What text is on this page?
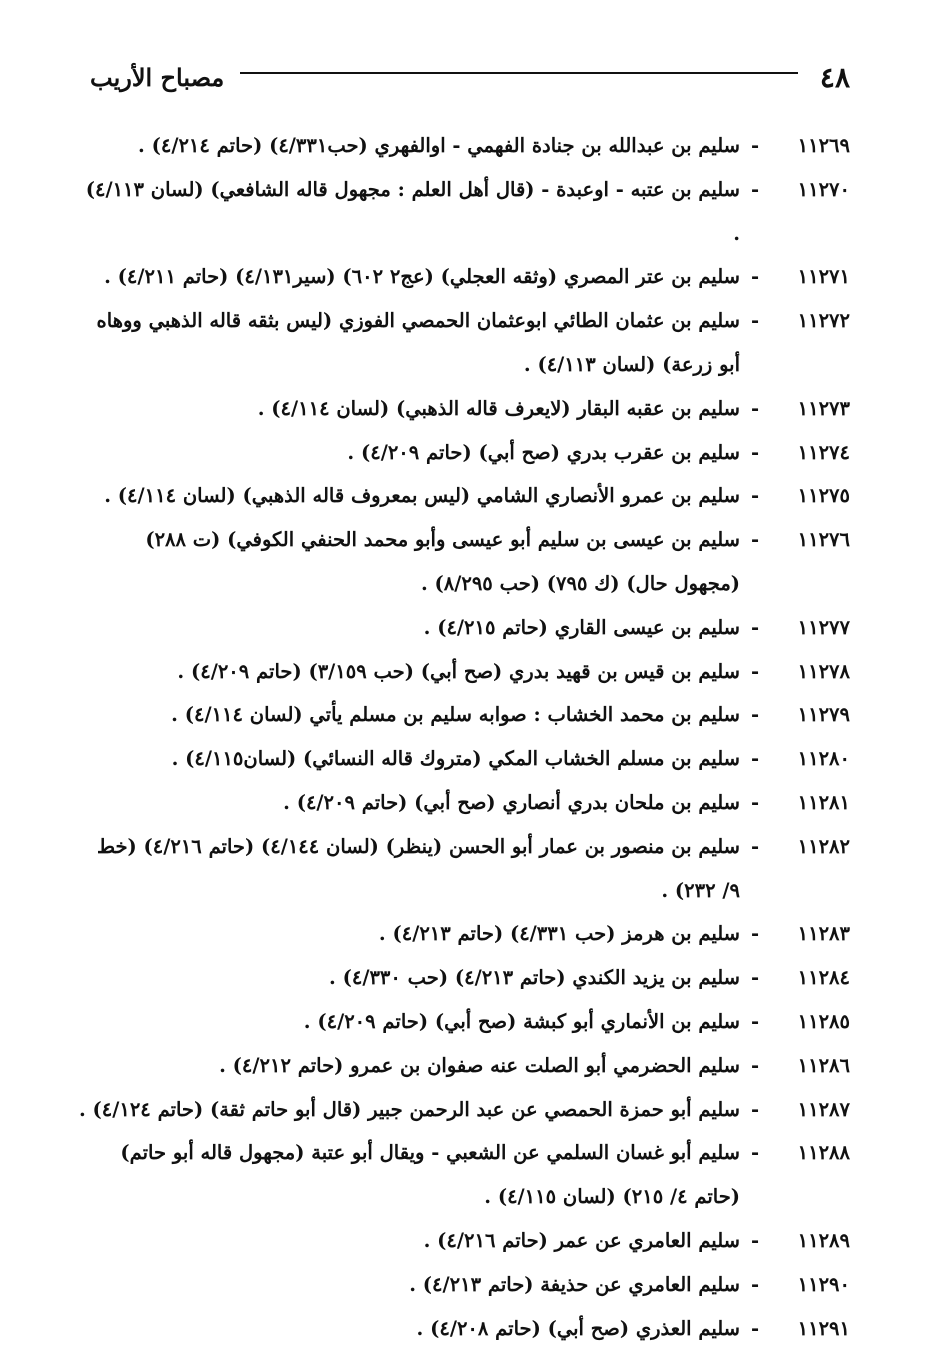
٤٨
مصباح الأريب

١١٢٦٩-سليم بن عبدالله بن جنادة الفهمي - اوالفهري (حب٤/٣٣١) (حاتم ٤/٢١٤) .

١١٢٧٠-سليم بن عتبه - اوعبدة - (قال أهل العلم : مجهول قاله الشافعي) (لسان ٤/١١٣) .

١١٢٧١-سليم بن عتر المصري (وثقه العجلي) (عج٢ ٦٠٢) (سير٤/١٣١) (حاتم ٤/٢١١) .

١١٢٧٢-سليم بن عثمان الطائي ابوعثمان الحمصي الفوزي (ليس بثقه قاله الذهبي ووهاه أبو زرعة) (لسان ٤/١١٣) .

١١٢٧٣-سليم بن عقبه البقار (لايعرف قاله الذهبي) (لسان ٤/١١٤) .

١١٢٧٤-سليم بن عقرب بدري (صح أبي) (حاتم ٤/٢٠٩) .

١١٢٧٥-سليم بن عمرو الأنصاري الشامي (ليس بمعروف قاله الذهبي) (لسان ٤/١١٤) .

١١٢٧٦-سليم بن عيسى بن سليم أبو عيسى وأبو محمد الحنفي الكوفي) (ت ٢٨٨) (مجهول حال) (ك ٧٩٥) (حب ٨/٢٩٥) .

١١٢٧٧-سليم بن عيسى القاري (حاتم ٤/٢١٥) .

١١٢٧٨-سليم بن قيس بن قهيد بدري (صح أبي) (حب ٣/١٥٩) (حاتم ٤/٢٠٩) .

١١٢٧٩-سليم بن محمد الخشاب : صوابه سليم بن مسلم يأتي (لسان ٤/١١٤) .

١١٢٨٠-سليم بن مسلم الخشاب المكي (متروك قاله النسائي) (لسان٤/١١٥) .

١١٢٨١-سليم بن ملحان بدري أنصاري (صح أبي) (حاتم ٤/٢٠٩) .

١١٢٨٢-سليم بن منصور بن عمار أبو الحسن (ينظر) (لسان ٤/١٤٤) (حاتم ٤/٢١٦) (خط ٩/ ٢٣٢) .

١١٢٨٣-سليم بن هرمز (حب ٤/٣٣١) (حاتم ٤/٢١٣) .

١١٢٨٤-سليم بن يزيد الكندي (حاتم ٤/٢١٣) (حب ٤/٣٣٠) .

١١٢٨٥-سليم بن الأنماري أبو كبشة (صح أبي) (حاتم ٤/٢٠٩) .

١١٢٨٦-سليم الحضرمي أبو الصلت عنه صفوان بن عمرو (حاتم ٤/٢١٢) .

١١٢٨٧-سليم أبو حمزة الحمصي عن عبد الرحمن جبير (قال أبو حاتم ثقة) (حاتم ٤/١٢٤) .

١١٢٨٨-سليم أبو غسان السلمي عن الشعبي - ويقال أبو عتبة (مجهول قاله أبو حاتم) (حاتم ٤/ ٢١٥) (لسان ٤/١١٥) .

١١٢٨٩-سليم العامري عن عمر (حاتم ٤/٢١٦) .

١١٢٩٠-سليم العامري عن حذيفة (حاتم ٤/٢١٣) .

١١٢٩١-سليم العذري (صح أبي) (حاتم ٤/٢٠٨) .
